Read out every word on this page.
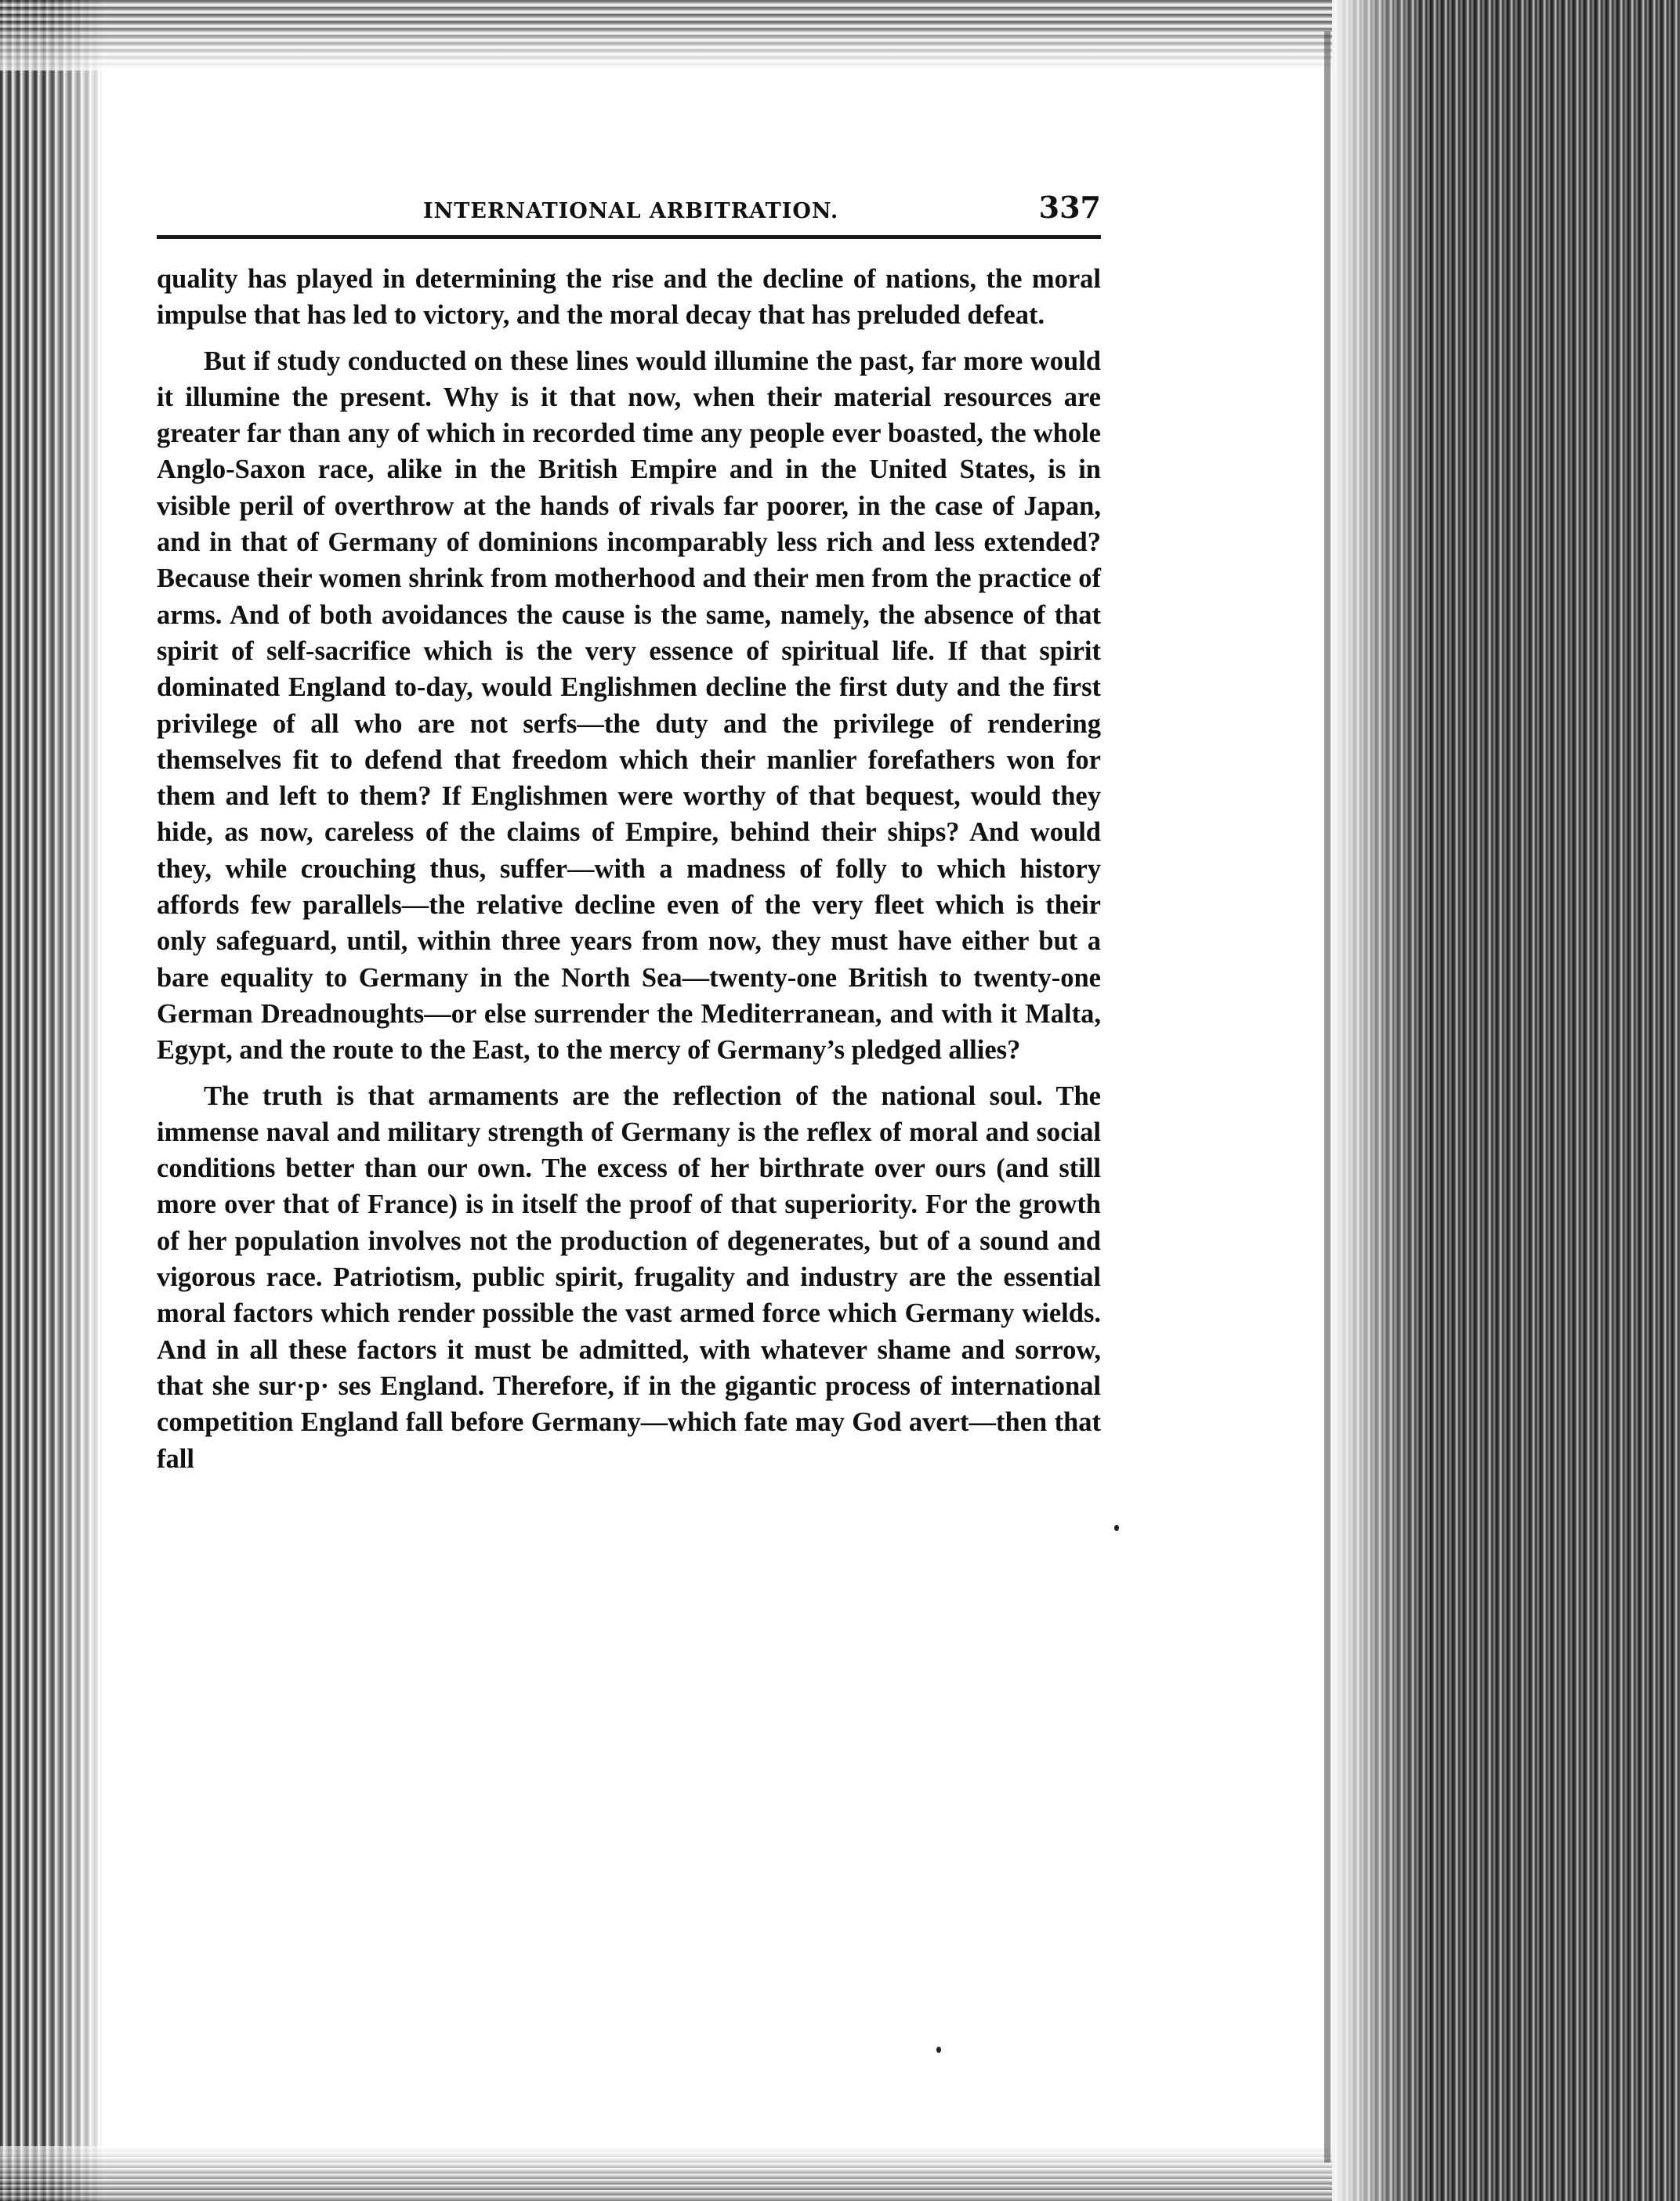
INTERNATIONAL ARBITRATION.	337

quality has played in determining the rise and the decline of nations, the moral impulse that has led to victory, and the moral decay that has preluded defeat.

But if study conducted on these lines would illumine the past, far more would it illumine the present. Why is it that now, when their material resources are greater far than any of which in recorded time any people ever boasted, the whole Anglo-Saxon race, alike in the British Empire and in the United States, is in visible peril of overthrow at the hands of rivals far poorer, in the case of Japan, and in that of Germany of dominions incomparably less rich and less extended? Because their women shrink from motherhood and their men from the practice of arms. And of both avoidances the cause is the same, namely, the absence of that spirit of self-sacrifice which is the very essence of spiritual life. If that spirit dominated England to-day, would Englishmen decline the first duty and the first privilege of all who are not serfs—the duty and the privilege of rendering themselves fit to defend that freedom which their manlier forefathers won for them and left to them? If Englishmen were worthy of that bequest, would they hide, as now, careless of the claims of Empire, behind their ships? And would they, while crouching thus, suffer—with a madness of folly to which history affords few parallels—the relative decline even of the very fleet which is their only safeguard, until, within three years from now, they must have either but a bare equality to Germany in the North Sea—twenty-one British to twenty-one German Dreadnoughts—or else surrender the Mediterranean, and with it Malta, Egypt, and the route to the East, to the mercy of Germany’s pledged allies?

The truth is that armaments are the reflection of the national soul. The immense naval and military strength of Germany is the reflex of moral and social conditions better than our own. The excess of her birthrate over ours (and still more over that of France) is in itself the proof of that superiority. For the growth of her population involves not the production of degenerates, but of a sound and vigorous race. Patriotism, public spirit, frugality and industry are the essential moral factors which render possible the vast armed force which Germany wields. And in all these factors it must be admitted, with whatever shame and sorrow, that she sur·p· ses England. Therefore, if in the gigantic process of international competition England fall before Germany—which fate may God avert—then that fall
